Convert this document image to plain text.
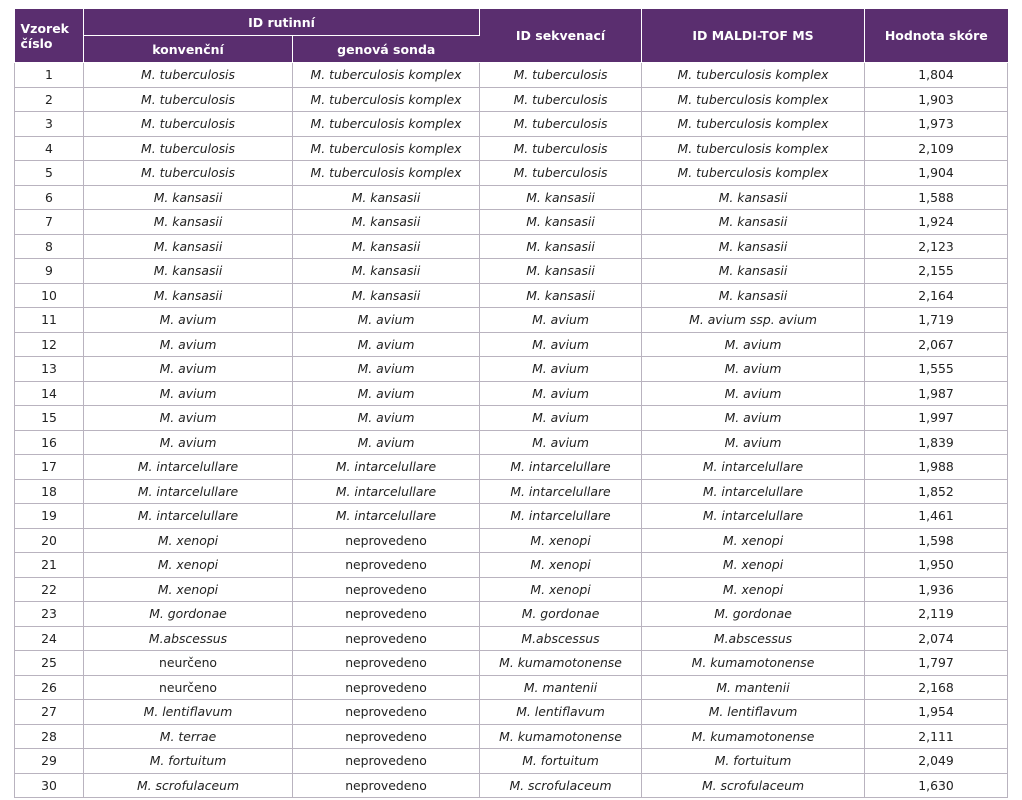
Vzorek
číslo	ID rutinní		ID sekvenací	ID MALDI-TOF MS	Hodnota skóre
	konvenční	genová sonda			
1	M. tuberculosis	M. tuberculosis komplex	M. tuberculosis	M. tuberculosis komplex	1,804
2	M. tuberculosis	M. tuberculosis komplex	M. tuberculosis	M. tuberculosis komplex	1,903
3	M. tuberculosis	M. tuberculosis komplex	M. tuberculosis	M. tuberculosis komplex	1,973
4	M. tuberculosis	M. tuberculosis komplex	M. tuberculosis	M. tuberculosis komplex	2,109
5	M. tuberculosis	M. tuberculosis komplex	M. tuberculosis	M. tuberculosis komplex	1,904
6	M. kansasii	M. kansasii	M. kansasii	M. kansasii	1,588
7	M. kansasii	M. kansasii	M. kansasii	M. kansasii	1,924
8	M. kansasii	M. kansasii	M. kansasii	M. kansasii	2,123
9	M. kansasii	M. kansasii	M. kansasii	M. kansasii	2,155
10	M. kansasii	M. kansasii	M. kansasii	M. kansasii	2,164
11	M. avium	M. avium	M. avium	M. avium ssp. avium	1,719
12	M. avium	M. avium	M. avium	M. avium	2,067
13	M. avium	M. avium	M. avium	M. avium	1,555
14	M. avium	M. avium	M. avium	M. avium	1,987
15	M. avium	M. avium	M. avium	M. avium	1,997
16	M. avium	M. avium	M. avium	M. avium	1,839
17	M. intarcelullare	M. intarcelullare	M. intarcelullare	M. intarcelullare	1,988
18	M. intarcelullare	M. intarcelullare	M. intarcelullare	M. intarcelullare	1,852
19	M. intarcelullare	M. intarcelullare	M. intarcelullare	M. intarcelullare	1,461
20	M. xenopi	neprovedeno	M. xenopi	M. xenopi	1,598
21	M. xenopi	neprovedeno	M. xenopi	M. xenopi	1,950
22	M. xenopi	neprovedeno	M. xenopi	M. xenopi	1,936
23	M. gordonae	neprovedeno	M. gordonae	M. gordonae	2,119
24	M.abscessus	neprovedeno	M.abscessus	M.abscessus	2,074
25	neurčeno	neprovedeno	M. kumamotonense	M. kumamotonense	1,797
26	neurčeno	neprovedeno	M. mantenii	M. mantenii	2,168
27	M. lentiflavum	neprovedeno	M. lentiflavum	M. lentiflavum	1,954
28	M. terrae	neprovedeno	M. kumamotonense	M. kumamotonense	2,111
29	M. fortuitum	neprovedeno	M. fortuitum	M. fortuitum	2,049
30	M. scrofulaceum	neprovedeno	M. scrofulaceum	M. scrofulaceum	1,630
